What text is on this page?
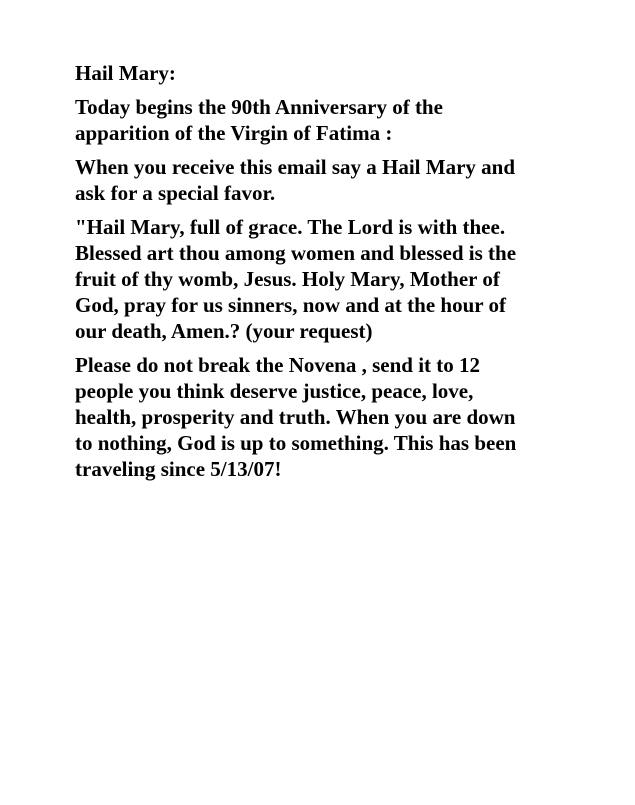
Hail Mary:

Today begins the 90th Anniversary of the
apparition of the Virgin of Fatima :

When you receive this email say a Hail Mary and
ask for a special favor.

"Hail Mary, full of grace. The Lord is with thee.
Blessed art thou among women and blessed is the
fruit of thy womb, Jesus. Holy Mary, Mother of
God, pray for us sinners, now and at the hour of
our death, Amen.? (your request)

Please do not break the Novena , send it to 12
people you think deserve justice, peace, love,
health, prosperity and truth. When you are down
to nothing, God is up to something. This has been
traveling since 5/13/07!
